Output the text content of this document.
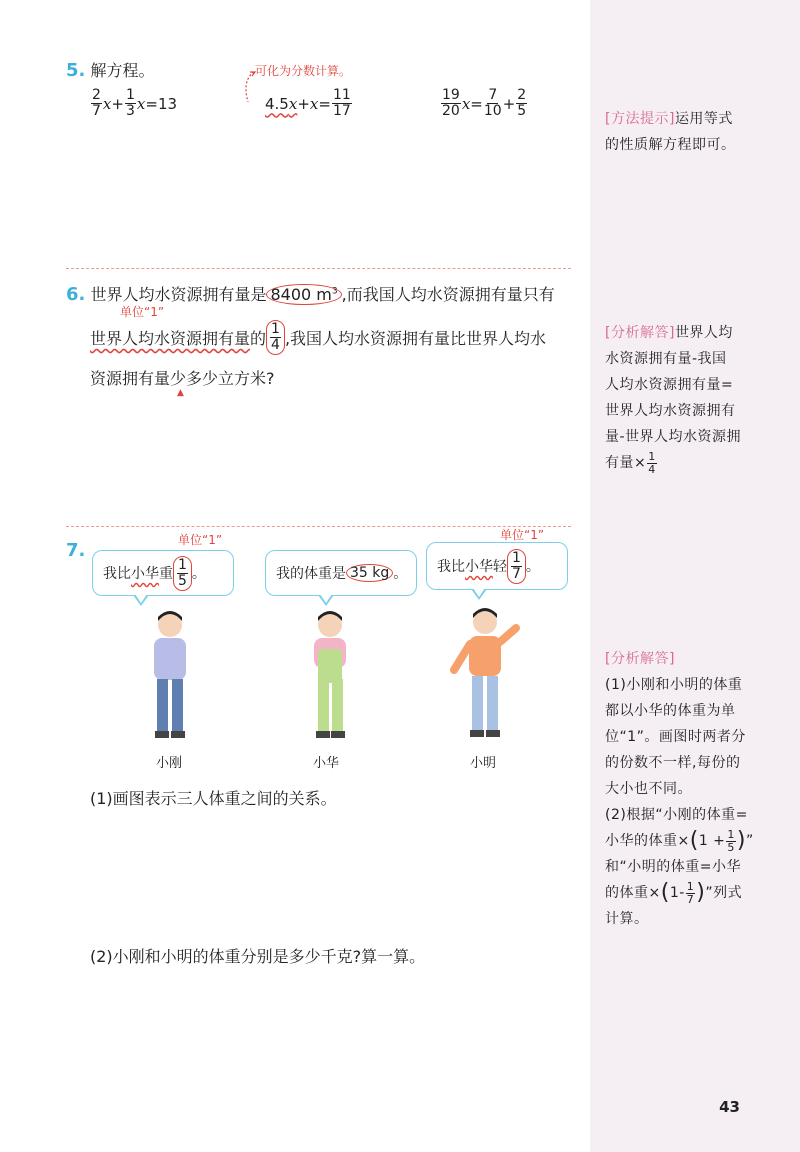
5. 解方程。	可化为分数计算。
$\frac{2}{7}$ $x + \frac{1}{3}$ x = 13	4.5 $x + x = \frac{11}{17}$	$\frac{19}{20}$ $x = \frac{7}{10} + \frac{2}{5}$	[方法提示]运用等式
的性质解方程即可。
6. 世界人均水资源拥有量是 8400 $m^3$ ,而我国人均水资源拥有量只有
单位“1”
世界人均水资源拥有量 的 $\frac{1}{4}$ ,我国人均水资源拥有量比世界人均水
资源拥有量少多少立方米?
▲
[分析解答]世界人均
水资源拥有量-我国
人均水资源拥有量=
世界人均水资源拥有
量-世界人均水资源拥
有量× $\frac{1}{4}$
7.
我比 小华 重 $\frac{1}{5}$ 。
单位“1”
我的体重是 35 kg 。 我比 小华 轻 $\frac{1}{7}$ 。
单位“1”
小刚	小华	小明
(1)画图表示三人体重之间的关系。
(2)小刚和小明的体重分别是多少千克?算一算。
[分析解答]
(1)小刚和小明的体重
都以小华的体重为单
位“1”。画图时两者分
的份数不一样,每份的
大小也不同。
(2)根据“小刚的体重=

小华的体重× ( $1 + \frac{1}{5}$ ) ”

和“小明的体重=小华

的体重× ( $1- \frac{1}{7}$ ) ”列式

计算。
43
